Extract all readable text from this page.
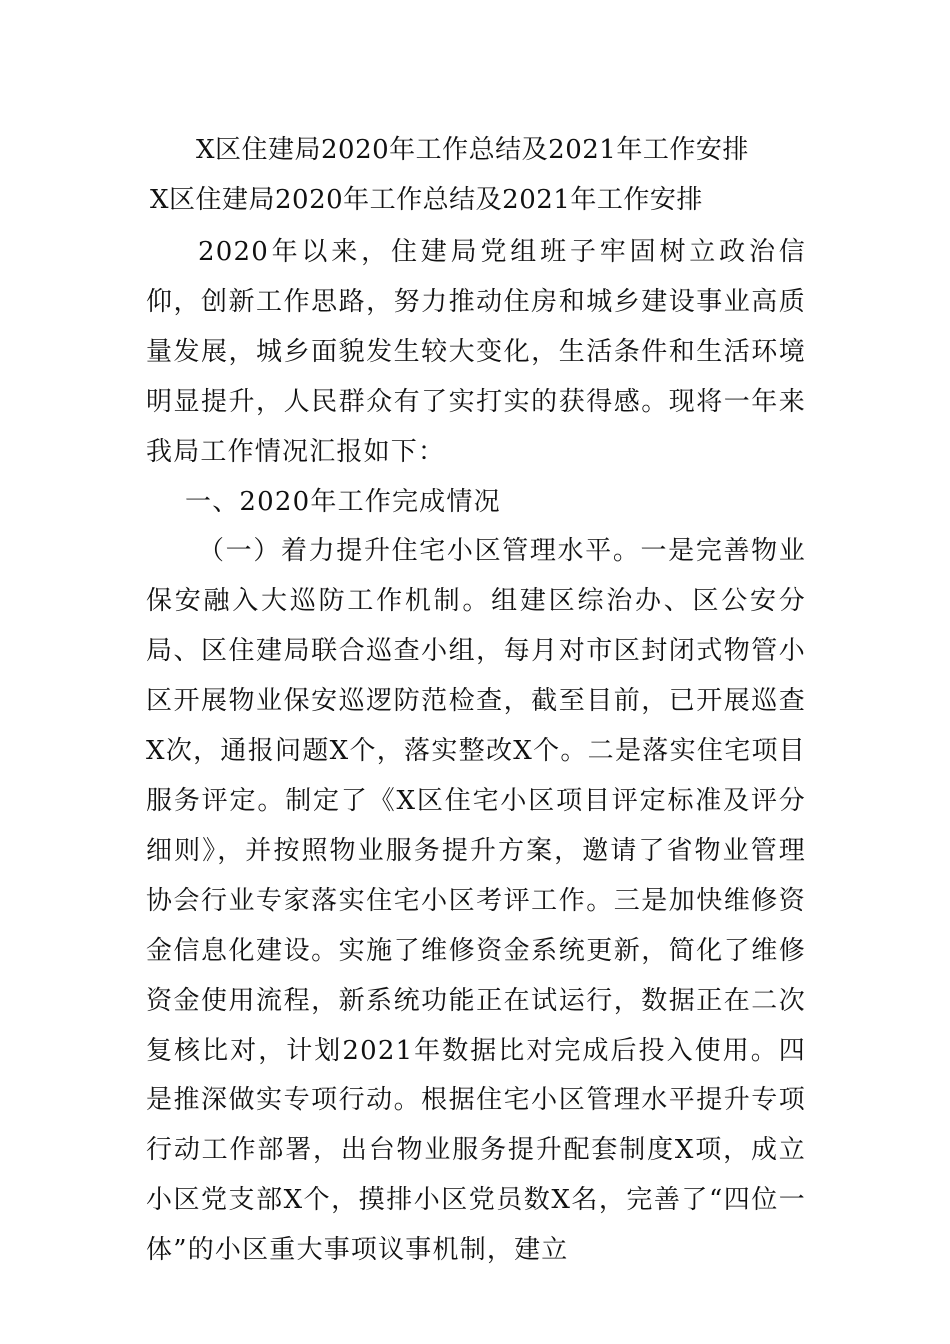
X区住建局2020年工作总结及2021年工作安排
X区住建局2020年工作总结及2021年工作安排

2020年以来，住建局党组班子牢固树立政治信仰，创新工作思路，努力推动住房和城乡建设事业高质量发展，城乡面貌发生较大变化，生活条件和生活环境明显提升，人民群众有了实打实的获得感。现将一年来我局工作情况汇报如下：

一、2020年工作完成情况

（一）着力提升住宅小区管理水平。一是完善物业保安融入大巡防工作机制。组建区综治办、区公安分局、区住建局联合巡查小组，每月对市区封闭式物管小区开展物业保安巡逻防范检查，截至目前，已开展巡查X次，通报问题X个，落实整改X个。二是落实住宅项目服务评定。制定了《X区住宅小区项目评定标准及评分细则》，并按照物业服务提升方案，邀请了省物业管理协会行业专家落实住宅小区考评工作。三是加快维修资金信息化建设。实施了维修资金系统更新，简化了维修资金使用流程，新系统功能正在试运行，数据正在二次复核比对，计划2021年数据比对完成后投入使用。四是推深做实专项行动。根据住宅小区管理水平提升专项行动工作部署，出台物业服务提升配套制度X项，成立小区党支部X个，摸排小区党员数X名，完善了“四位一体”的小区重大事项议事机制，建立
